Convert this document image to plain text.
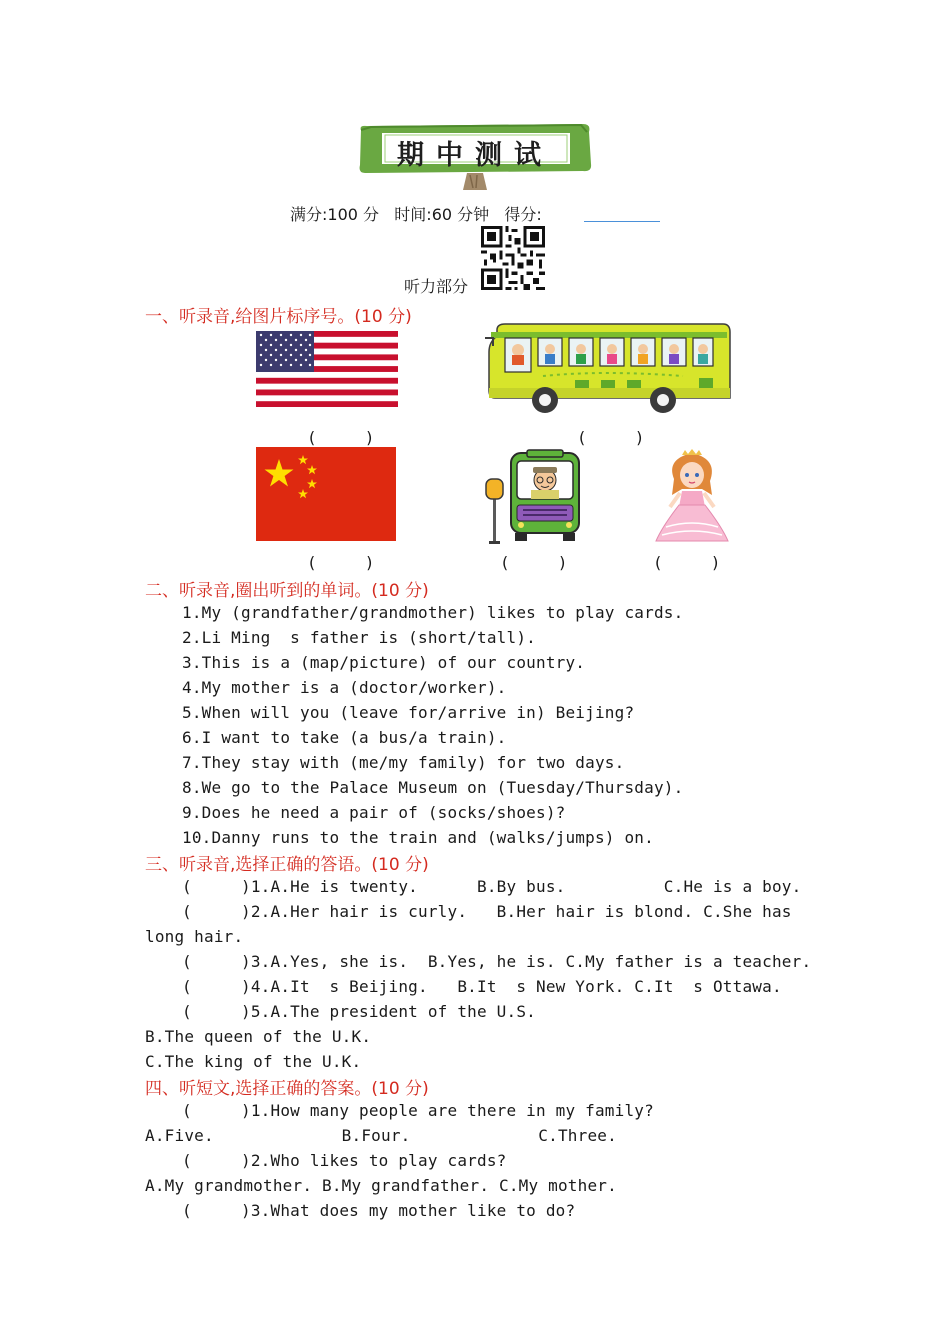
期中测试
满分:100 分 时间:60 分钟 得分:
听力部分
一、听录音,给图片标序号。(10 分)
(     )	(     )
(     )	(     )	(     )
二、听录音,圈出听到的单词。(10 分)
1.My (grandfather/grandmother) likes to play cards.
2.Li Ming  s father is (short/tall).
3.This is a (map/picture) of our country.
4.My mother is a (doctor/worker).
5.When will you (leave for/arrive in) Beijing?
6.I want to take (a bus/a train).
7.They stay with (me/my family) for two days.
8.We go to the Palace Museum on (Tuesday/Thursday).
9.Does he need a pair of (socks/shoes)?
10.Danny runs to the train and (walks/jumps) on.
三、听录音,选择正确的答语。(10 分)
(     )1.A.He is twenty.      B.By bus.          C.He is a boy.
(     )2.A.Her hair is curly.   B.Her hair is blond. C.She has
long hair.
(     )3.A.Yes, she is.  B.Yes, he is. C.My father is a teacher.
(     )4.A.It  s Beijing.   B.It  s New York. C.It  s Ottawa.
(     )5.A.The president of the U.S.
B.The queen of the U.K.
C.The king of the U.K.
四、听短文,选择正确的答案。(10 分)
(     )1.How many people are there in my family?
A.Five.             B.Four.             C.Three.
(     )2.Who likes to play cards?
A.My grandmother. B.My grandfather. C.My mother.
(     )3.What does my mother like to do?
